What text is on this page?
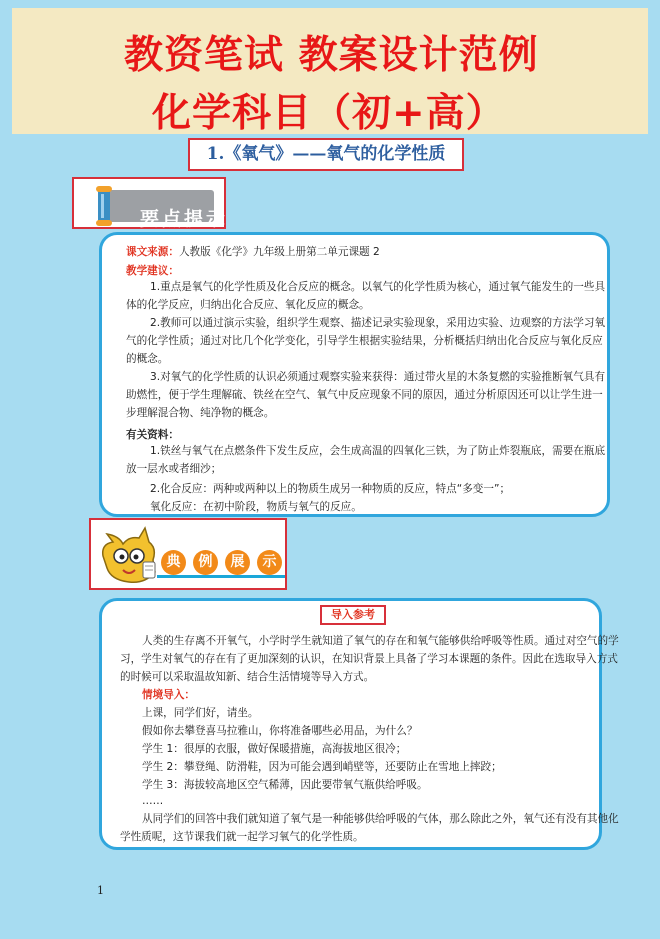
教资笔试 教案设计范例
化学科目（初+高）
1.《氧气》——氧气的化学性质
要点提示
课文来源：人教版《化学》九年级上册第二单元课题 2
教学建议：
1.重点是氧气的化学性质及化合反应的概念。以氧气的化学性质为核心，通过氧气能发生的一些具
体的化学反应，归纳出化合反应、氧化反应的概念。
2.教师可以通过演示实验，组织学生观察、描述记录实验现象，采用边实验、边观察的方法学习氧
气的化学性质；通过对比几个化学变化，引导学生根据实验结果，分析概括归纳出化合反应与氧化反应
的概念。
3.对氧气的化学性质的认识必须通过观察实验来获得：通过带火星的木条复燃的实验推断氧气具有
助燃性，便于学生理解硫、铁丝在空气、氧气中反应现象不同的原因，通过分析原因还可以让学生进一
步理解混合物、纯净物的概念。
有关资料：
1.铁丝与氧气在点燃条件下发生反应，会生成高温的四氧化三铁，为了防止炸裂瓶底，需要在瓶底
放一层水或者细沙；
2.化合反应：两种或两种以上的物质生成另一种物质的反应，特点“多变一”；
氧化反应：在初中阶段，物质与氧气的反应。
典	例	展	示
导入参考
人类的生存离不开氧气，小学时学生就知道了氧气的存在和氧气能够供给呼吸等性质。通过对空气的学
习，学生对氧气的存在有了更加深刻的认识，在知识背景上具备了学习本课题的条件。因此在选取导入方式
的时候可以采取温故知新、结合生活情境等导入方式。
情境导入：
上课，同学们好，请坐。
假如你去攀登喜马拉雅山，你将准备哪些必用品，为什么？
学生 1：很厚的衣服，做好保暖措施，高海拔地区很冷；
学生 2：攀登绳、防滑鞋，因为可能会遇到峭壁等，还要防止在雪地上摔跤；
学生 3：海拔较高地区空气稀薄，因此要带氧气瓶供给呼吸。
……
从同学们的回答中我们就知道了氧气是一种能够供给呼吸的气体，那么除此之外，氧气还有没有其他化
学性质呢，这节课我们就一起学习氧气的化学性质。
1
